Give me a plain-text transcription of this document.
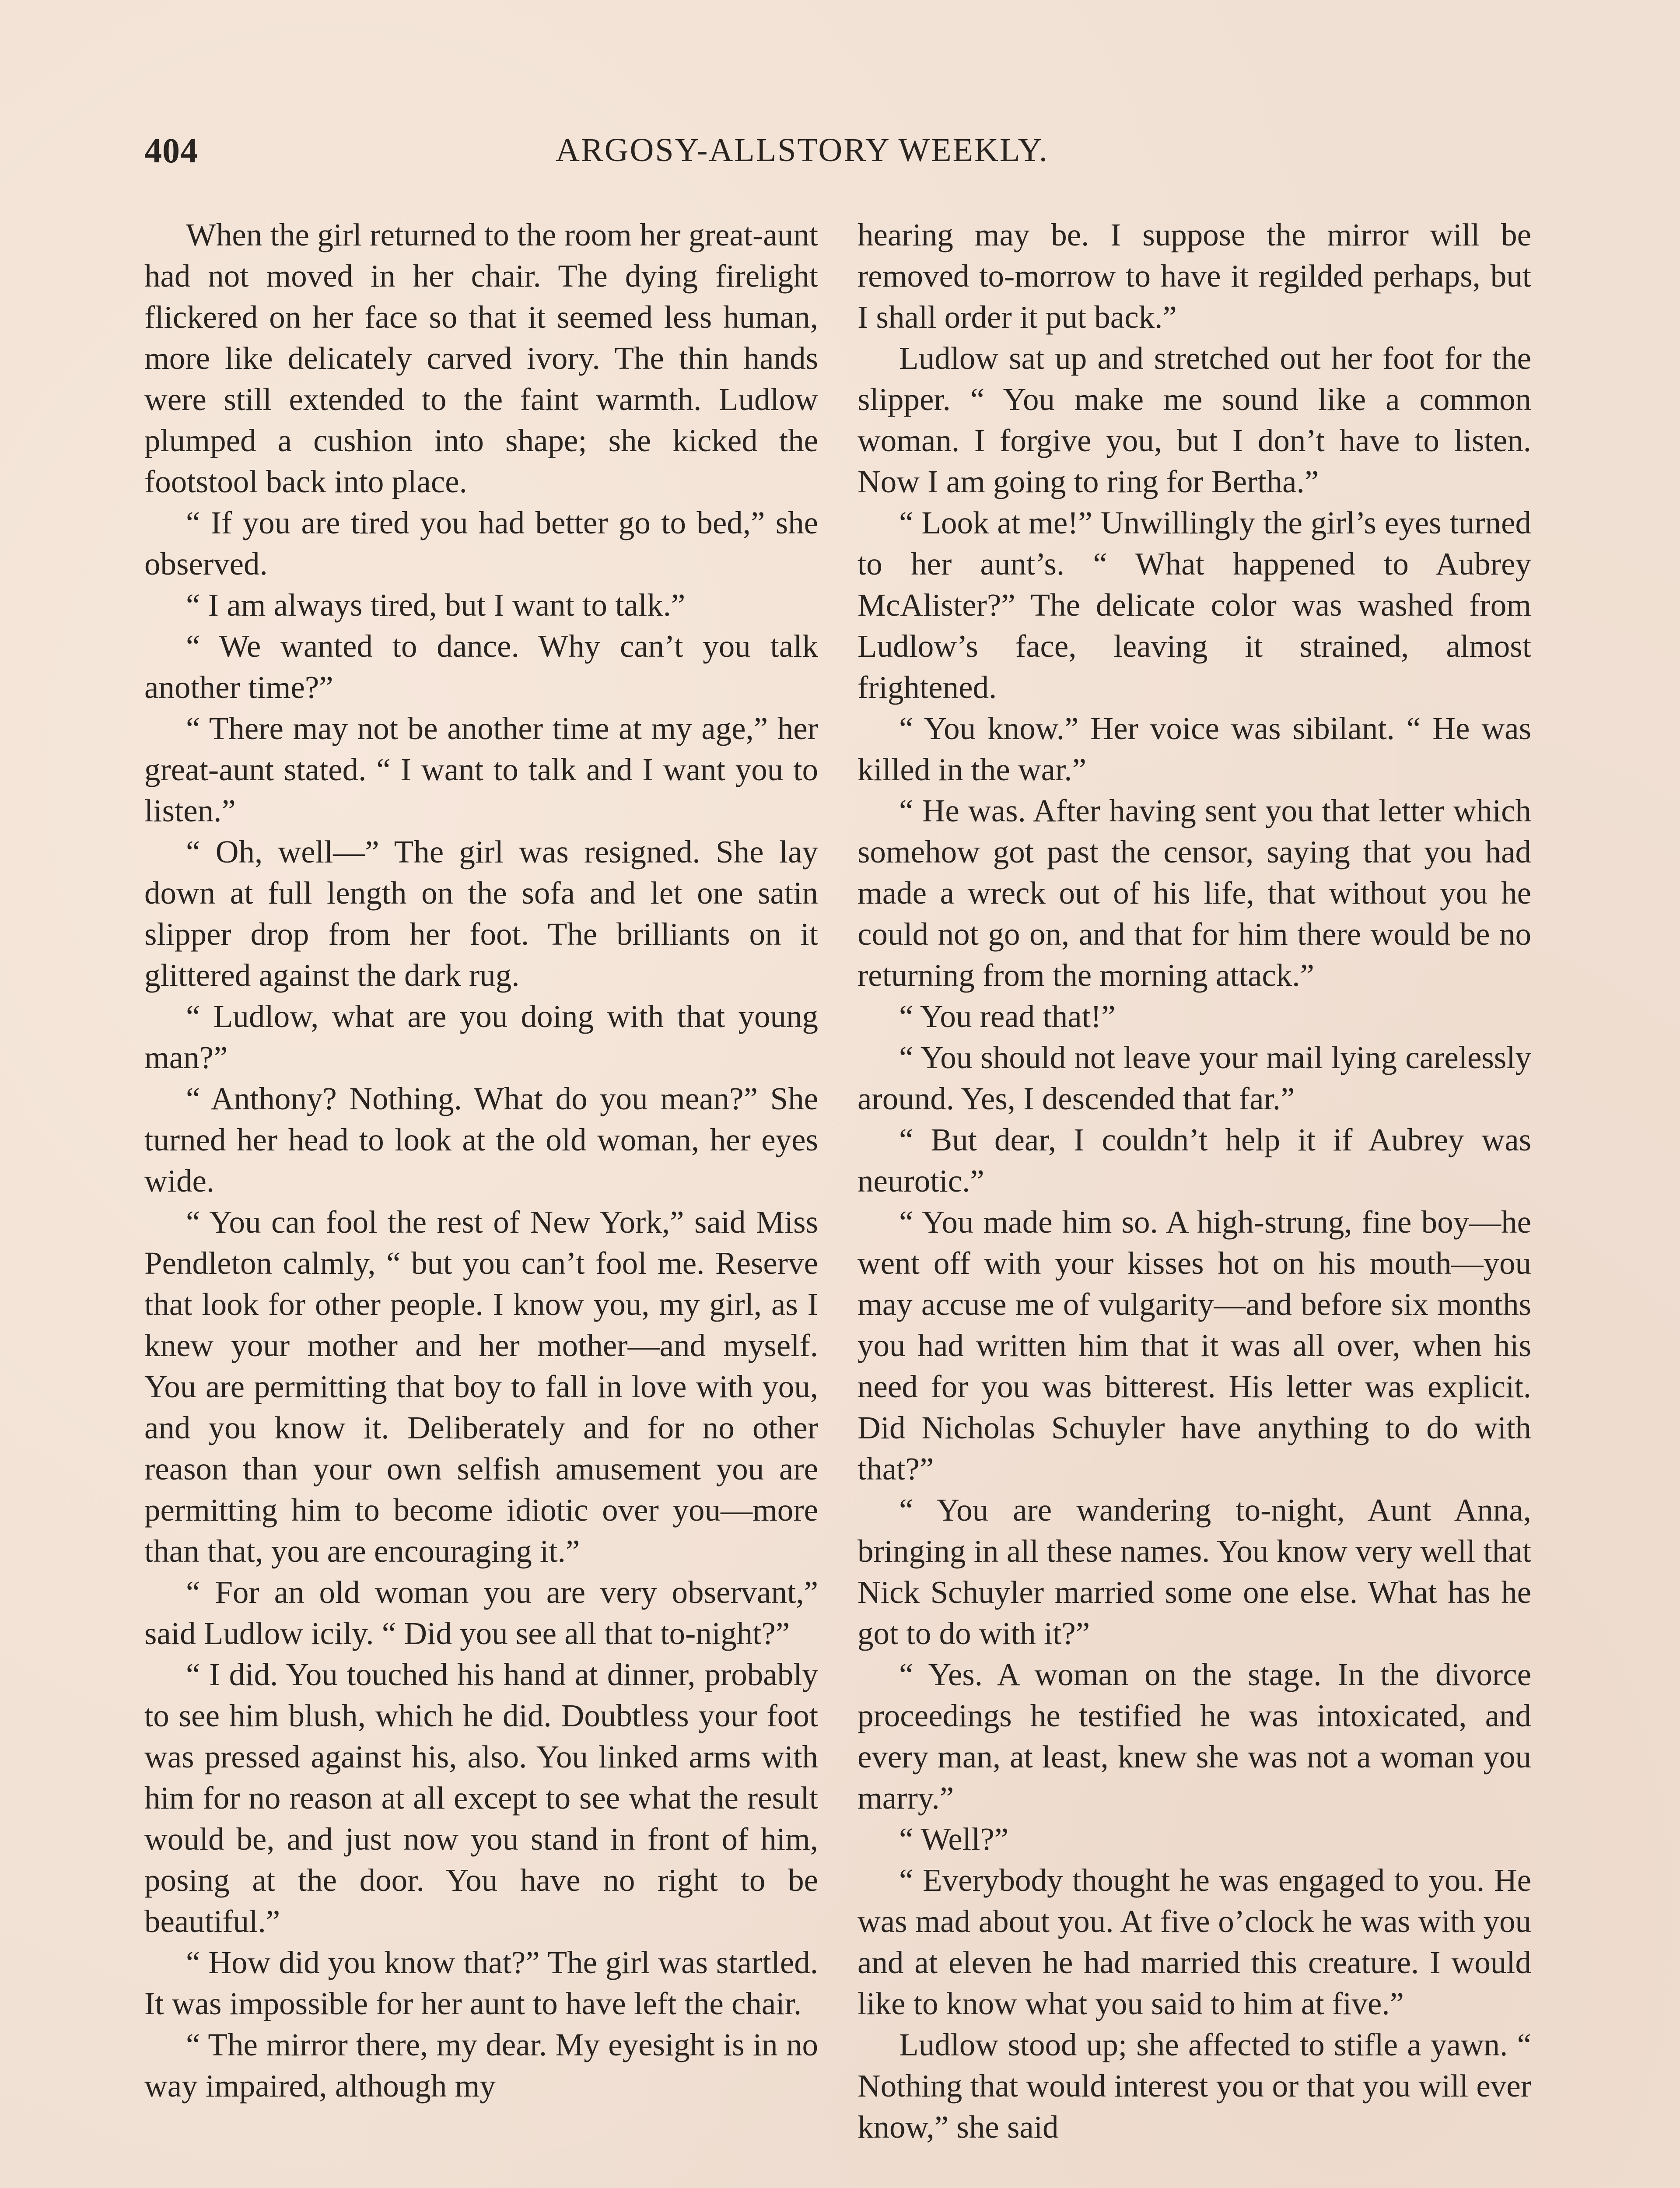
404	ARGOSY-ALLSTORY WEEKLY.

When the girl returned to the room her great-aunt had not moved in her chair. The dying firelight flickered on her face so that it seemed less human, more like delicately carved ivory. The thin hands were still extended to the faint warmth. Ludlow plumped a cushion into shape; she kicked the footstool back into place.

“ If you are tired you had better go to bed,” she observed.

“ I am always tired, but I want to talk.”

“ We wanted to dance. Why can’t you talk another time?”

“ There may not be another time at my age,” her great-aunt stated. “ I want to talk and I want you to listen.”

“ Oh, well—” The girl was resigned. She lay down at full length on the sofa and let one satin slipper drop from her foot. The brilliants on it glittered against the dark rug.

“ Ludlow, what are you doing with that young man?”

“ Anthony? Nothing. What do you mean?” She turned her head to look at the old woman, her eyes wide.

“ You can fool the rest of New York,” said Miss Pendleton calmly, “ but you can’t fool me. Reserve that look for other people. I know you, my girl, as I knew your mother and her mother—and myself. You are permitting that boy to fall in love with you, and you know it. Deliberately and for no other reason than your own selfish amusement you are permitting him to become idiotic over you—more than that, you are encouraging it.”

“ For an old woman you are very observant,” said Ludlow icily. “ Did you see all that to-night?”

“ I did. You touched his hand at dinner, probably to see him blush, which he did. Doubtless your foot was pressed against his, also. You linked arms with him for no reason at all except to see what the result would be, and just now you stand in front of him, posing at the door. You have no right to be beautiful.”

“ How did you know that?” The girl was startled. It was impossible for her aunt to have left the chair.

“ The mirror there, my dear. My eyesight is in no way impaired, although my

hearing may be. I suppose the mirror will be removed to-morrow to have it regilded perhaps, but I shall order it put back.”

Ludlow sat up and stretched out her foot for the slipper. “ You make me sound like a common woman. I forgive you, but I don’t have to listen. Now I am going to ring for Bertha.”

“ Look at me!” Unwillingly the girl’s eyes turned to her aunt’s. “ What happened to Aubrey McAlister?” The delicate color was washed from Ludlow’s face, leaving it strained, almost frightened.

“ You know.” Her voice was sibilant. “ He was killed in the war.”

“ He was. After having sent you that letter which somehow got past the censor, saying that you had made a wreck out of his life, that without you he could not go on, and that for him there would be no returning from the morning attack.”

“ You read that!”

“ You should not leave your mail lying carelessly around. Yes, I descended that far.”

“ But dear, I couldn’t help it if Aubrey was neurotic.”

“ You made him so. A high-strung, fine boy—he went off with your kisses hot on his mouth—you may accuse me of vulgarity—and before six months you had written him that it was all over, when his need for you was bitterest. His letter was explicit. Did Nicholas Schuyler have anything to do with that?”

“ You are wandering to-night, Aunt Anna, bringing in all these names. You know very well that Nick Schuyler married some one else. What has he got to do with it?”

“ Yes. A woman on the stage. In the divorce proceedings he testified he was intoxicated, and every man, at least, knew she was not a woman you marry.”

“ Well?”

“ Everybody thought he was engaged to you. He was mad about you. At five o’clock he was with you and at eleven he had married this creature. I would like to know what you said to him at five.”

Ludlow stood up; she affected to stifle a yawn. “ Nothing that would interest you or that you will ever know,” she said
